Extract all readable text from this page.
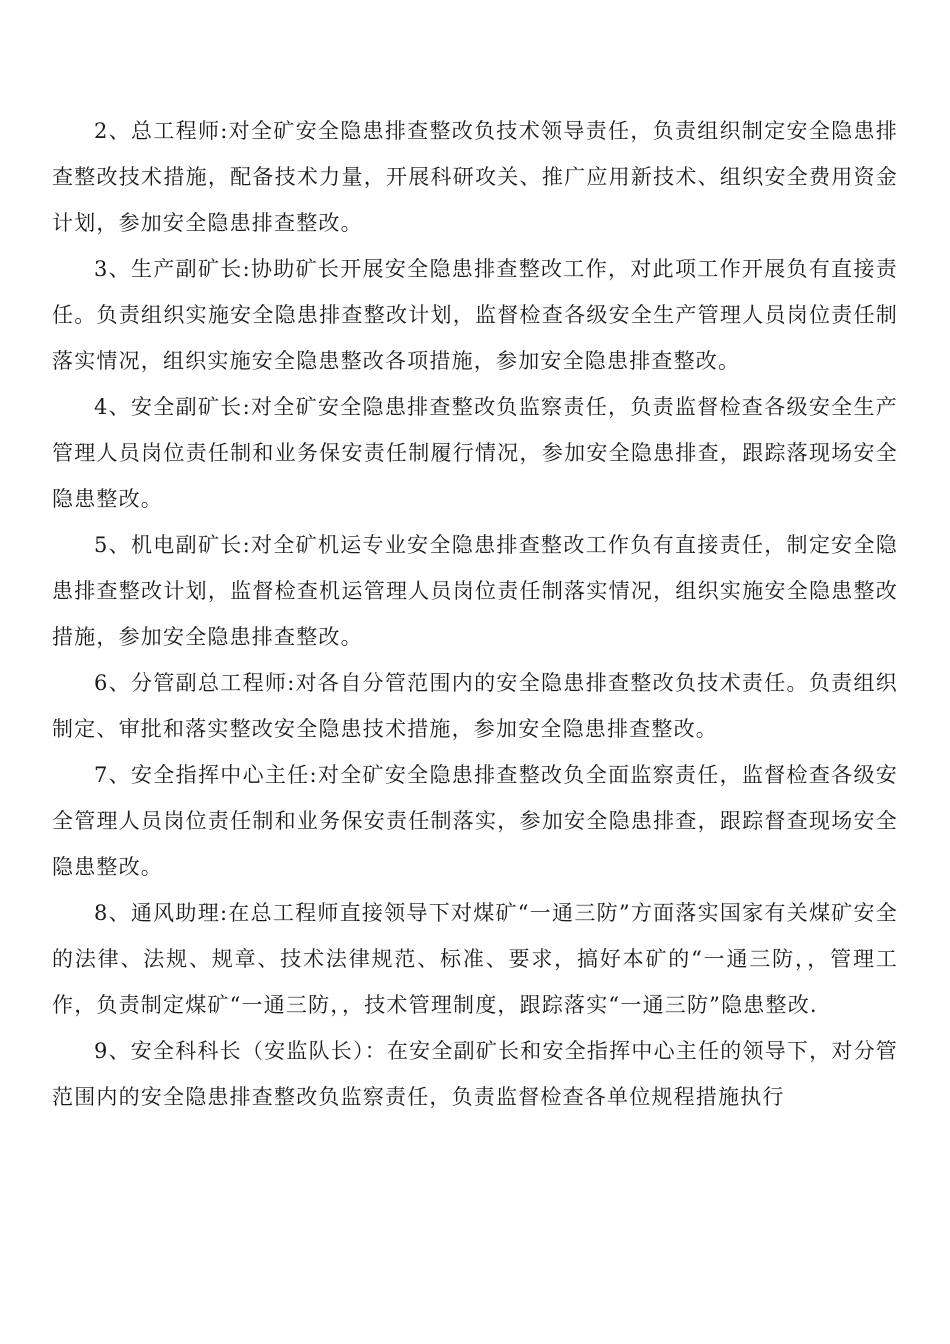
2、总工程师:对全矿安全隐患排查整改负技术领导责任，负责组织制定安全隐患排查整改技术措施，配备技术力量，开展科研攻关、推广应用新技术、组织安全费用资金计划，参加安全隐患排查整改。

3、生产副矿长:协助矿长开展安全隐患排查整改工作，对此项工作开展负有直接责任。负责组织实施安全隐患排查整改计划，监督检查各级安全生产管理人员岗位责任制落实情况，组织实施安全隐患整改各项措施，参加安全隐患排查整改。

4、安全副矿长:对全矿安全隐患排查整改负监察责任，负责监督检查各级安全生产管理人员岗位责任制和业务保安责任制履行情况，参加安全隐患排查，跟踪落现场安全隐患整改。

5、机电副矿长:对全矿机运专业安全隐患排查整改工作负有直接责任，制定安全隐患排查整改计划，监督检查机运管理人员岗位责任制落实情况，组织实施安全隐患整改措施，参加安全隐患排查整改。

6、分管副总工程师:对各自分管范围内的安全隐患排查整改负技术责任。负责组织制定、审批和落实整改安全隐患技术措施，参加安全隐患排查整改。

7、安全指挥中心主任:对全矿安全隐患排查整改负全面监察责任，监督检查各级安全管理人员岗位责任制和业务保安责任制落实，参加安全隐患排查，跟踪督查现场安全隐患整改。

8、通风助理:在总工程师直接领导下对煤矿“一通三防”方面落实国家有关煤矿安全的法律、法规、规章、技术法律规范、标准、要求，搞好本矿的“一通三防，，管理工作，负责制定煤矿“一通三防，，技术管理制度，跟踪落实“一通三防”隐患整改.

9、安全科科长（安监队长）：在安全副矿长和安全指挥中心主任的领导下，对分管范围内的安全隐患排查整改负监察责任，负责监督检查各单位规程措施执行
